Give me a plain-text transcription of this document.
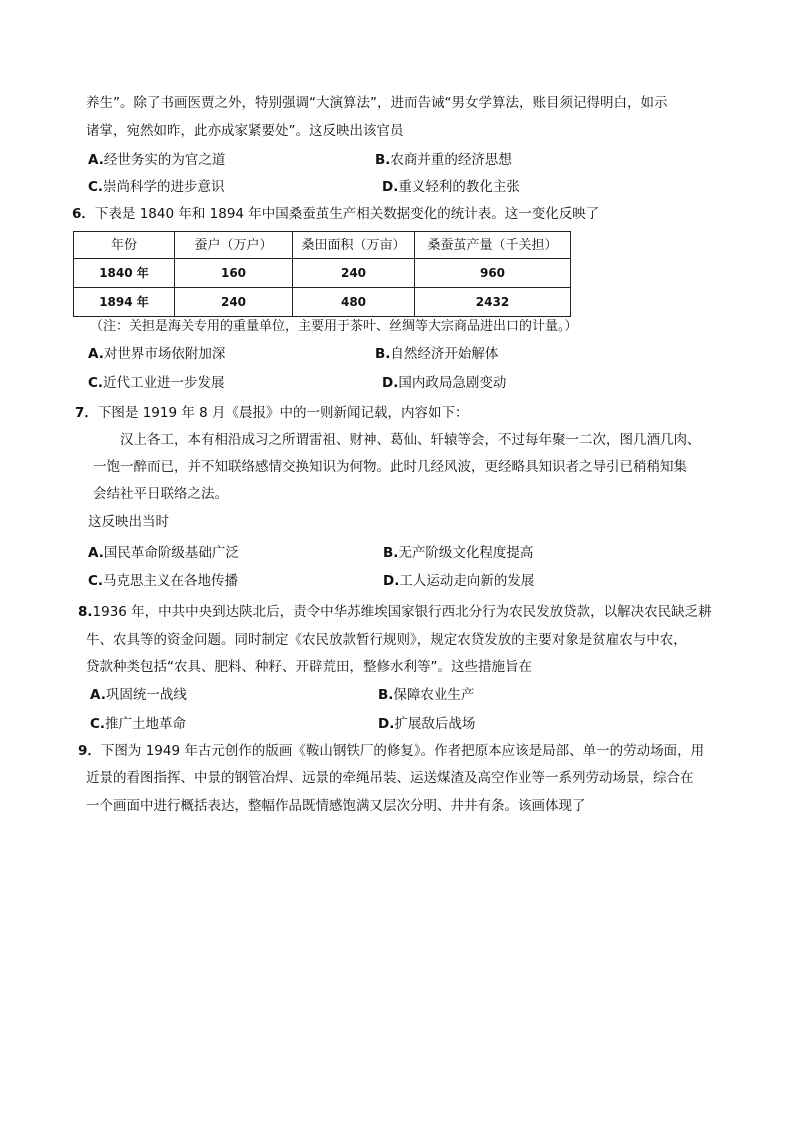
养生”。除了书画医贾之外，特别强调“大演算法”，进而告诫“男女学算法，账目须记得明白，如示
诸掌，宛然如昨，此亦成家紧要处”。这反映出该官员
A.经世务实的为官之道	B.农商并重的经济思想
C.崇尚科学的进步意识	D.重义轻利的教化主张
6．下表是 1840 年和 1894 年中国桑蚕茧生产相关数据变化的统计表。这一变化反映了
年份	蚕户（万户）	桑田面积（万亩）	桑蚕茧产量（千关担）
1840 年	160	240	960
1894 年	240	480	2432
（注：关担是海关专用的重量单位，主要用于茶叶、丝绸等大宗商品进出口的计量。）
A.对世界市场依附加深	B.自然经济开始解体
C.近代工业进一步发展	D.国内政局急剧变动
7．下图是 1919 年 8 月《晨报》中的一则新闻记载，内容如下：
汉上各工，本有相沿成习之所谓雷祖、财神、葛仙、轩辕等会，不过每年聚一二次，图几酒几肉、
一饱一醉而已，并不知联络感情交换知识为何物。此时几经风波，更经略具知识者之导引已稍稍知集
会结社平日联络之法。
这反映出当时
A.国民革命阶级基础广泛	B.无产阶级文化程度提高
C.马克思主义在各地传播	D.工人运动走向新的发展
8.1936 年，中共中央到达陕北后，责令中华苏维埃国家银行西北分行为农民发放贷款，以解决农民缺乏耕
牛、农具等的资金问题。同时制定《农民放款暂行规则》，规定农贷发放的主要对象是贫雇农与中农，
贷款种类包括“农具、肥料、种籽、开辟荒田，整修水利等”。这些措施旨在
A.巩固统一战线	B.保障农业生产
C.推广土地革命	D.扩展敌后战场
9．下图为 1949 年古元创作的版画《鞍山钢铁厂的修复》。作者把原本应该是局部、单一的劳动场面，用
近景的看图指挥、中景的钢管冶焊、远景的牵绳吊装、运送煤渣及高空作业等一系列劳动场景，综合在
一个画面中进行概括表达，整幅作品既情感饱满又层次分明、井井有条。该画体现了
